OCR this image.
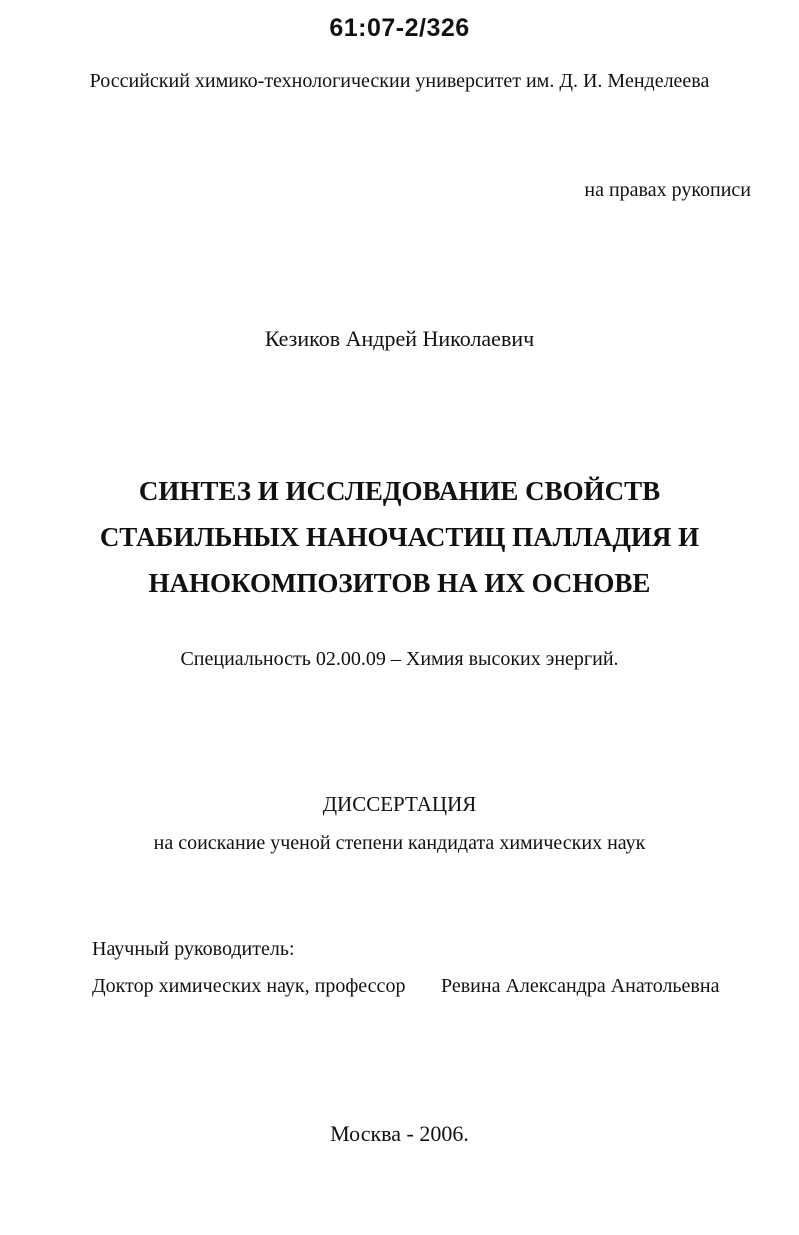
61:07-2/326
Российский химико-технологическии университет им. Д. И. Менделеева
на правах рукописи
Кезиков Андрей Николаевич
СИНТЕЗ И ИССЛЕДОВАНИЕ СВОЙСТВ
СТАБИЛЬНЫХ НАНОЧАСТИЦ ПАЛЛАДИЯ И
НАНОКОМПОЗИТОВ НА ИХ ОСНОВЕ
Специальность 02.00.09 – Химия высоких энергий.
ДИССЕРТАЦИЯ
на соискание ученой степени кандидата химических наук
Научный руководитель:
Доктор химических наук, профессор Ревина Александра Анатольевна
Москва - 2006.
